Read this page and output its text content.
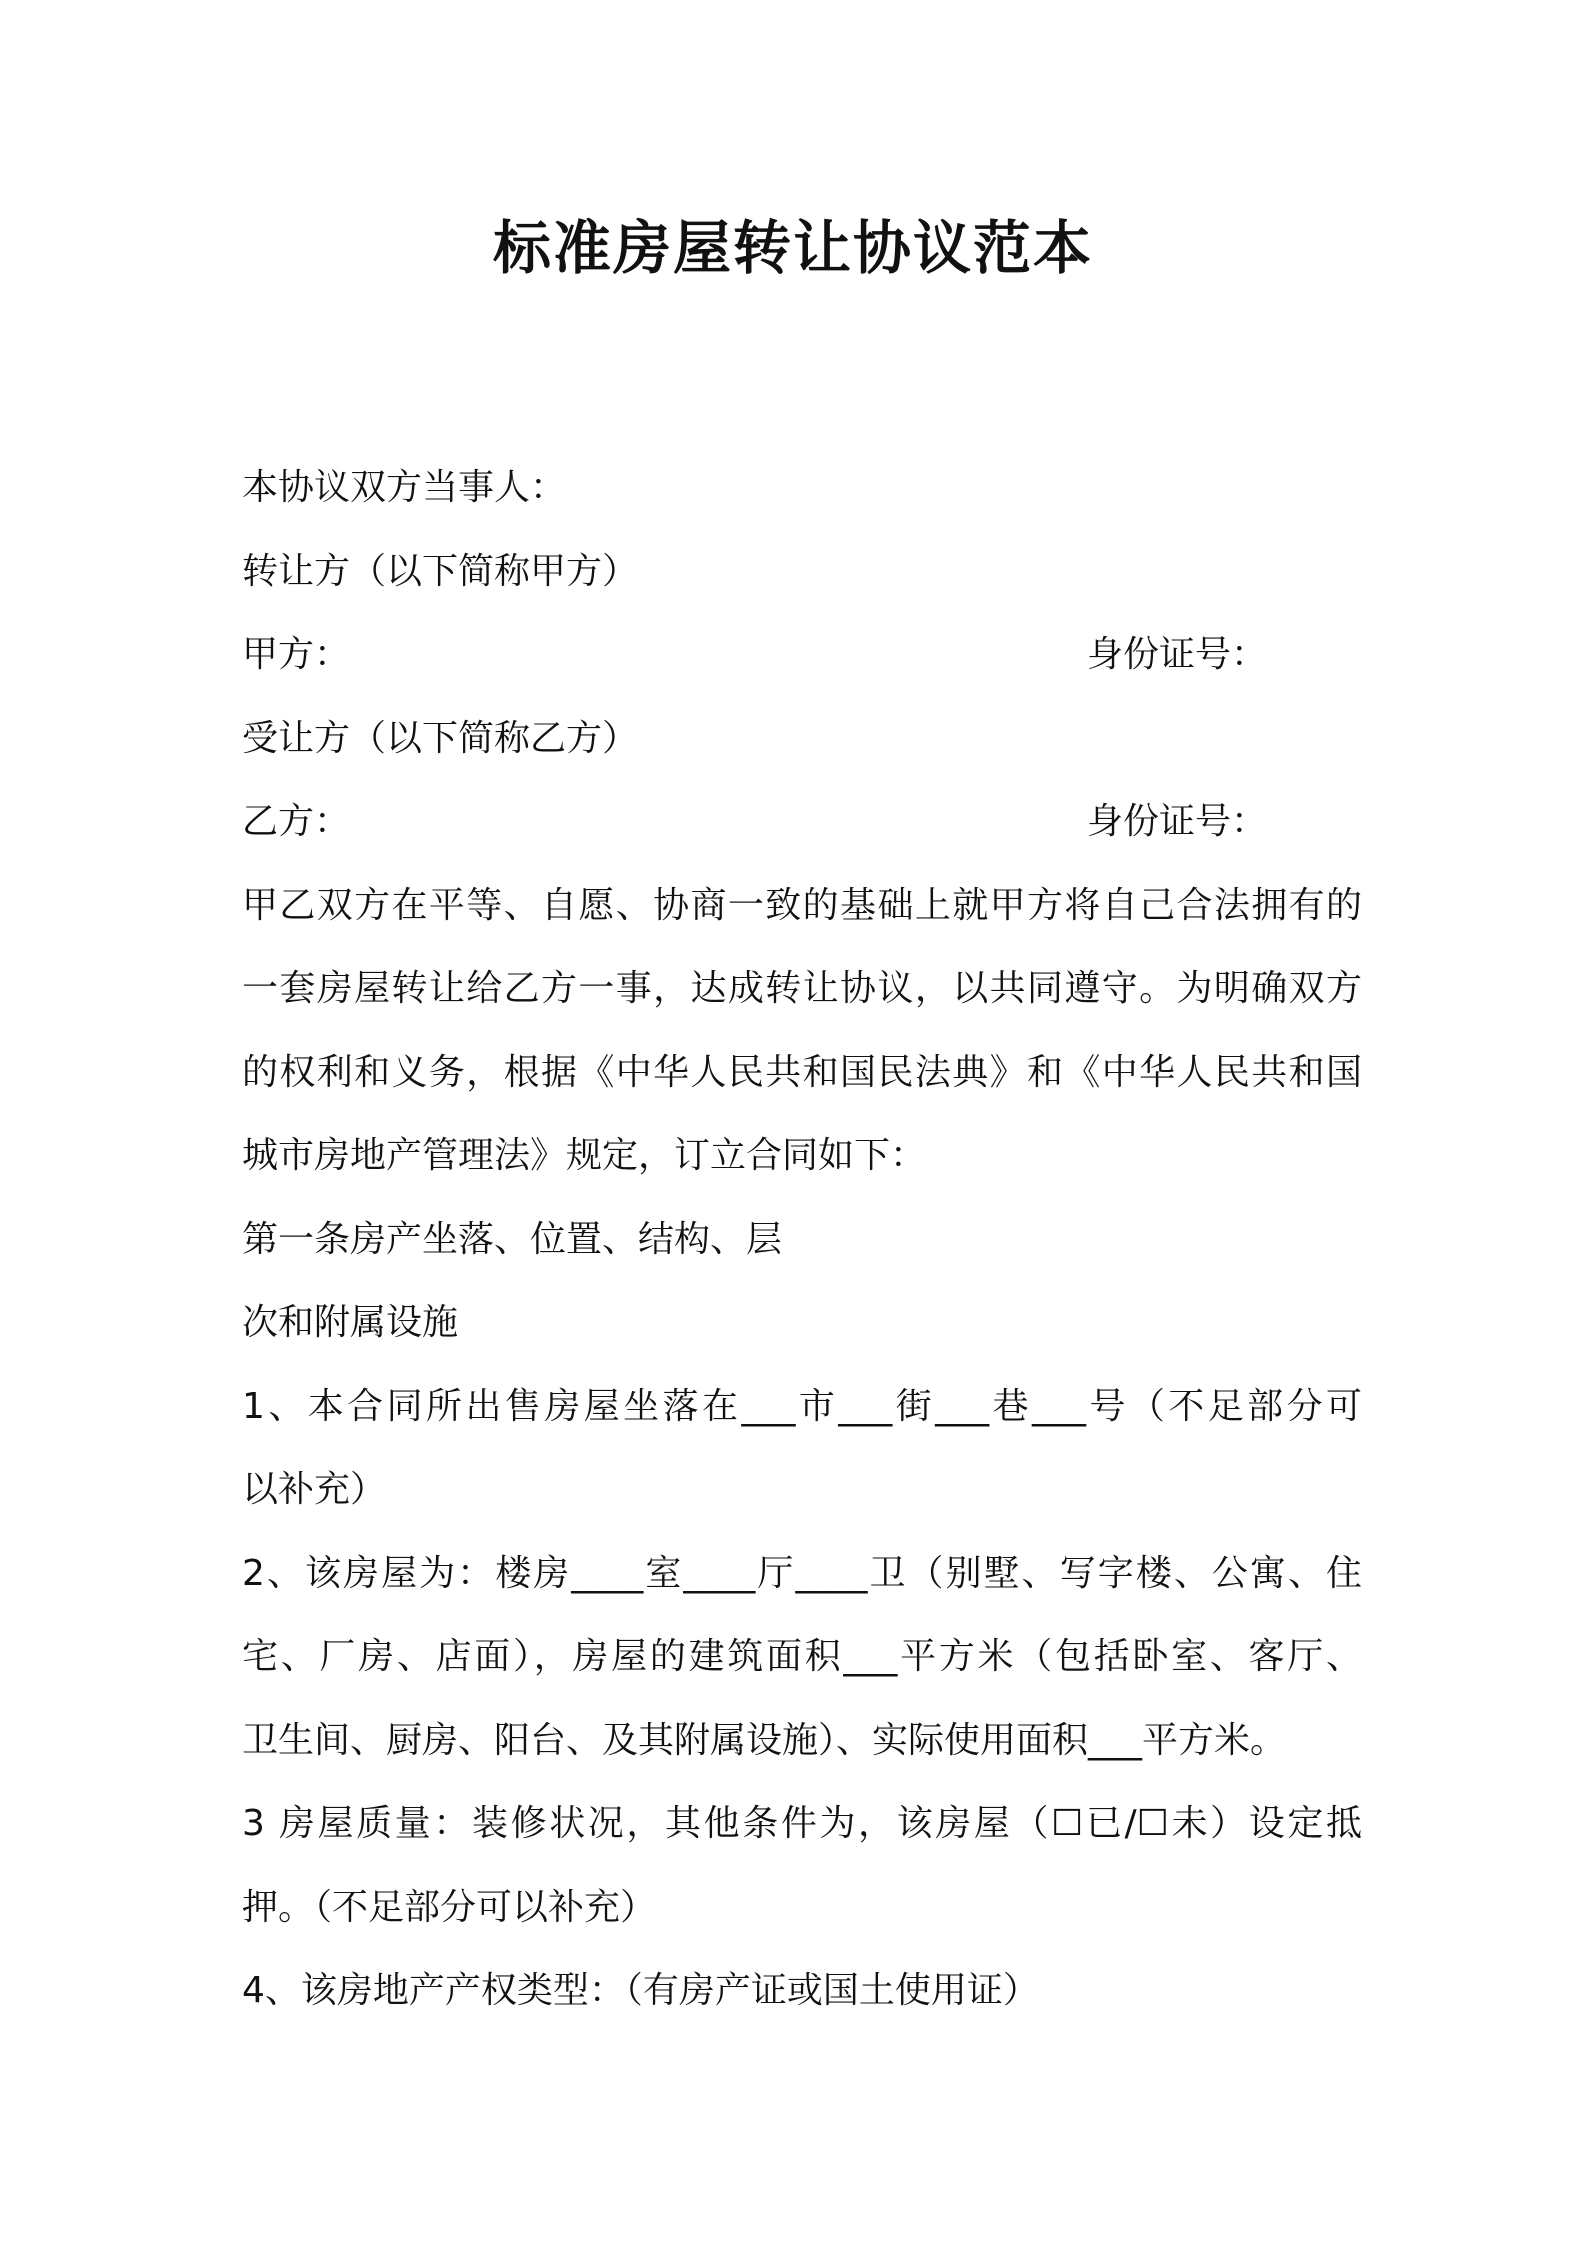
标准房屋转让协议范本
本协议双方当事人：
转让方（以下简称甲方）
甲方：	身份证号：
受让方（以下简称乙方）
乙方：	身份证号：
甲乙双方在平等、自愿、协商一致的基础上就甲方将自己合法拥有的
一套房屋转让给乙方一事，达成转让协议，以共同遵守。为明确双方
的权利和义务，根据《中华人民共和国民法典》和《中华人民共和国
城市房地产管理法》规定，订立合同如下：
第一条房产坐落、位置、结构、层
次和附属设施
1、本合同所出售房屋坐落在___市___街___巷___号（不足部分可
以补充）
2、该房屋为：楼房____室____厅____卫（别墅、写字楼、公寓、住
宅、厂房、店面），房屋的建筑面积___平方米（包括卧室、客厅、
卫生间、厨房、阳台、及其附属设施）、实际使用面积___平方米。
3 房屋质量：装修状况，其他条件为，该房屋（☐已/☐未）设定抵
押。（不足部分可以补充）
4、该房地产产权类型：（有房产证或国土使用证）
